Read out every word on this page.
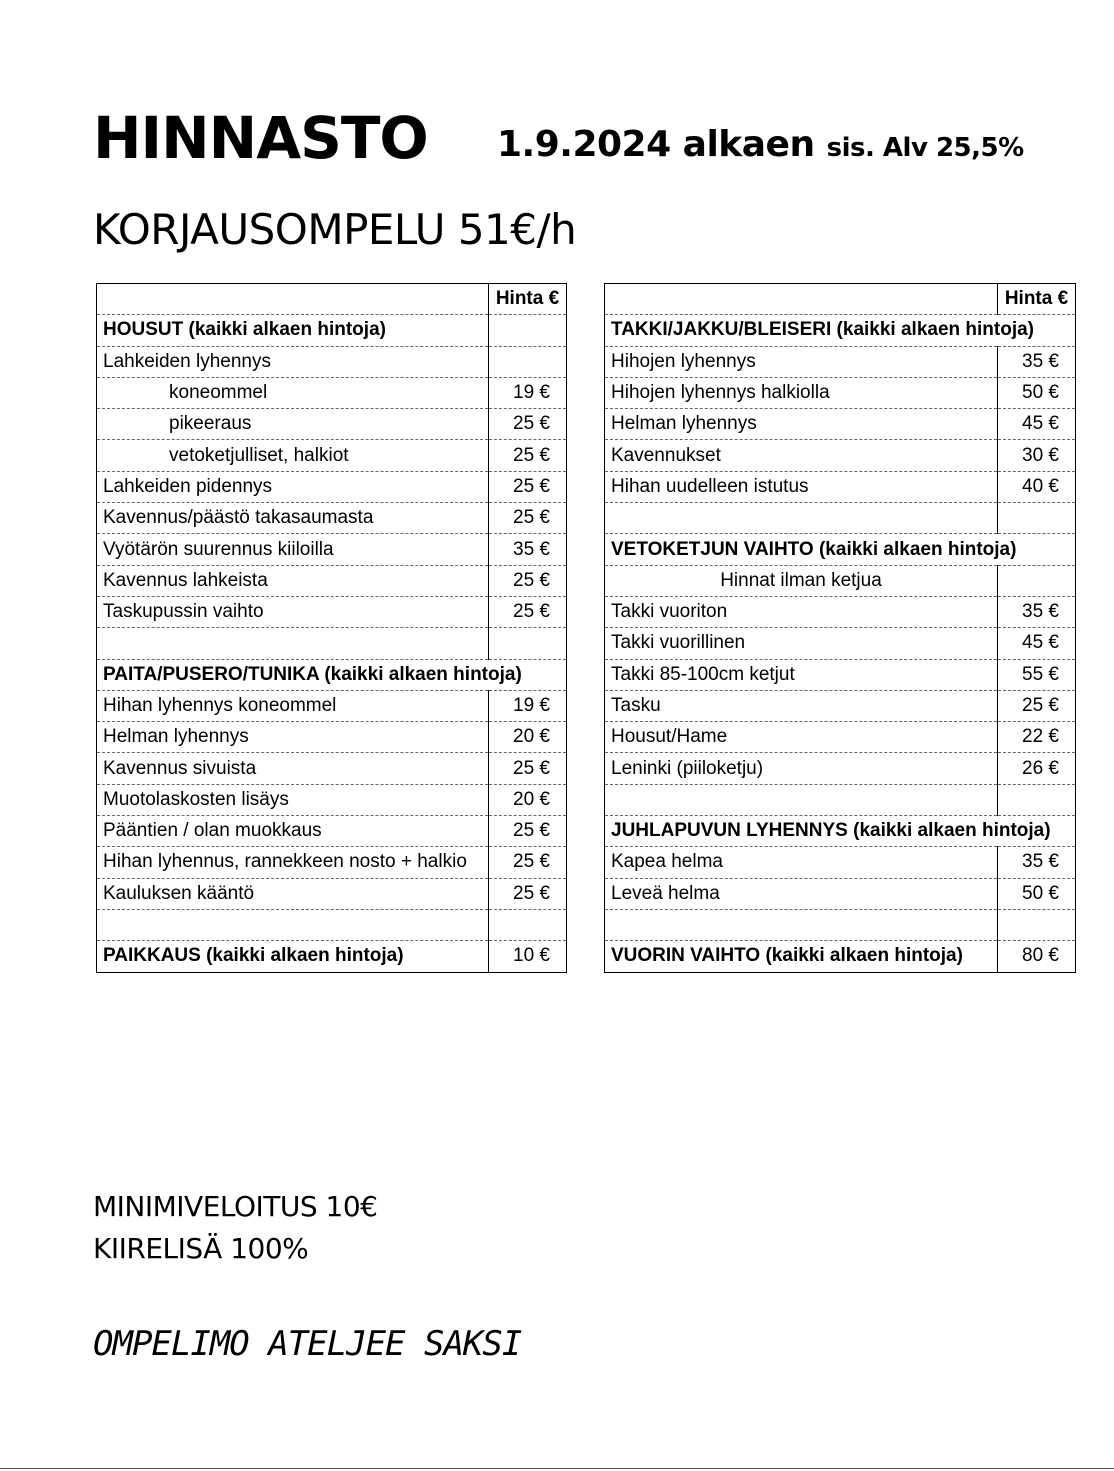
HINNASTO 1.9.2024 alkaen sis. Alv 25,5%
KORJAUSOMPELU 51€/h
	Hinta €
HOUSUT (kaikki alkaen hintoja)	
Lahkeiden lyhennys	
koneommel	19 €
pikeeraus	25 €
vetoketjulliset, halkiot	25 €
Lahkeiden pidennys	25 €
Kavennus/päästö takasaumasta	25 €
Vyötärön suurennus kiiloilla	35 €
Kavennus lahkeista	25 €
Taskupussin vaihto	25 €

PAITA/PUSERO/TUNIKA (kaikki alkaen hintoja)	
Hihan lyhennys koneommel	19 €
Helman lyhennys	20 €
Kavennus sivuista	25 €
Muotolaskosten lisäys	20 €
Pääntien / olan muokkaus	25 €
Hihan lyhennus, rannekkeen nosto + halkio	25 €
Kauluksen kääntö	25 €

PAIKKAUS (kaikki alkaen hintoja)	10 €
	Hinta €
TAKKI/JAKKU/BLEISERI (kaikki alkaen hintoja)	
Hihojen lyhennys	35 €
Hihojen lyhennys halkiolla	50 €
Helman lyhennys	45 €
Kavennukset	30 €
Hihan uudelleen istutus	40 €

VETOKETJUN VAIHTO (kaikki alkaen hintoja)	
Hinnat ilman ketjua	
Takki vuoriton	35 €
Takki vuorillinen	45 €
Takki 85-100cm ketjut	55 €
Tasku	25 €
Housut/Hame	22 €
Leninki (piiloketju)	26 €

JUHLAPUVUN LYHENNYS (kaikki alkaen hintoja)	
Kapea helma	35 €
Leveä helma	50 €

VUORIN VAIHTO (kaikki alkaen hintoja)	80 €
MINIMIVELOITUS 10€
KIIRELISÄ 100%
OMPELIMO ATELJEE SAKSI
